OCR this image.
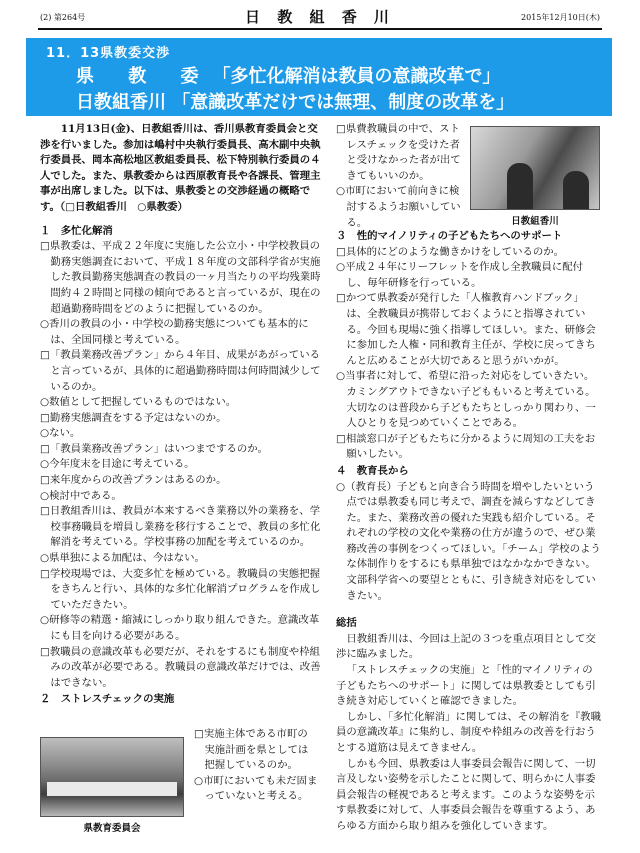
(2) 第264号	日 教 組 香 川	2015年12月10日(木)
11．13県教委交渉
県 教 委「多忙化解消は教員の意識改革で」
日教組香川 「意識改革だけでは無理、制度の改革を」

11月13日(金)、日教組香川は、香川県教育委員会と交渉を行いました。参加は嶋村中央執行委員長、高木副中央執行委員長、岡本高松地区教組委員長、松下特別執行委員の４人でした。また、県教委からは西原教育長や各課長、管理主事が出席しました。以下は、県教委との交渉経過の概略です。（□日教組香川　○県教委）

１　多忙化解消

□県教委は、平成２２年度に実施した公立小・中学校教員の勤務実態調査において、平成１８年度の文部科学省が実施した教員勤務実態調査の教員の一ヶ月当たりの平均残業時間約４２時間と同様の傾向であると言っているが、現在の超過勤務時間をどのように把握しているのか。

○香川の教員の小・中学校の勤務実態についても基本的には、全国同様と考えている。

□「教員業務改善プラン」から４年目、成果があがっていると言っているが、具体的に超過勤務時間は何時間減少しているのか。

○数値として把握しているものではない。

□勤務実態調査をする予定はないのか。

○ない。

□「教員業務改善プラン」はいつまでするのか。

○今年度末を目途に考えている。

□来年度からの改善プランはあるのか。

○検討中である。

□日教組香川は、教員が本来するべき業務以外の業務を、学校事務職員を増員し業務を移行することで、教員の多忙化解消を考えている。学校事務の加配を考えているのか。

○県単独による加配は、今はない。

□学校現場では、大変多忙を極めている。教職員の実態把握をきちんと行い、具体的な多忙化解消プログラムを作成していただきたい。

○研修等の精選・縮減にしっかり取り組んできた。意識改革にも目を向ける必要がある。

□教職員の意識改革も必要だが、それをするにも制度や枠組みの改革が必要である。教職員の意識改革だけでは、改善はできない。

２　ストレスチェックの実施
県教育委員会

□実施主体である市町の実施計画を県としては把握しているのか。

○市町においても未だ固まっていないと考える。

□県費教職員の中で、ストレスチェックを受けた者と受けなかった者が出てきてもいいのか。

○市町において前向きに検討するようお願いしている。	日教組香川
３　性的マイノリティの子どもたちへのサポート

□具体的にどのような働きかけをしているのか。

○平成２４年にリーフレットを作成し全教職員に配付し、毎年研修を行っている。

□かつて県教委が発行した「人権教育ハンドブック」は、全教職員が携帯しておくようにと指導されている。今回も現場に強く指導してほしい。また、研修会に参加した人権・同和教育主任が、学校に戻ってきちんと広めることが大切であると思うがいかが。

○当事者に対して、希望に沿った対応をしていきたい。カミングアウトできない子どももいると考えている。大切なのは普段から子どもたちとしっかり関わり、一人ひとりを見つめていくことである。

□相談窓口が子どもたちに分かるように周知の工夫をお願いしたい。

４　教育長から

○（教育長）子どもと向き合う時間を増やしたいという点では県教委も同じ考えで、調査を減らすなどしてきた。また、業務改善の優れた実践も紹介している。それぞれの学校の文化や業務の仕方が違うので、ぜひ業務改善の事例をつくってほしい。「チーム」学校のような体制作りをするにも県単独ではなかなかできない。文部科学省への要望とともに、引き続き対応をしていきたい。

総括

日教組香川は、今回は上記の３つを重点項目として交渉に臨みました。

「ストレスチェックの実施」と「性的マイノリティの子どもたちへのサポート」に関しては県教委としても引き続き対応していくと確認できました。

しかし、「多忙化解消」に関しては、その解消を『教職員の意識改革』に集約し、制度や枠組みの改善を行おうとする道筋は見えてきません。

しかも今回、県教委は人事委員会報告に関して、一切言及しない姿勢を示したことに関して、明らかに人事委員会報告の軽視であると考えます。このような姿勢を示す県教委に対して、人事委員会報告を尊重するよう、あらゆる方面から取り組みを強化していきます。
